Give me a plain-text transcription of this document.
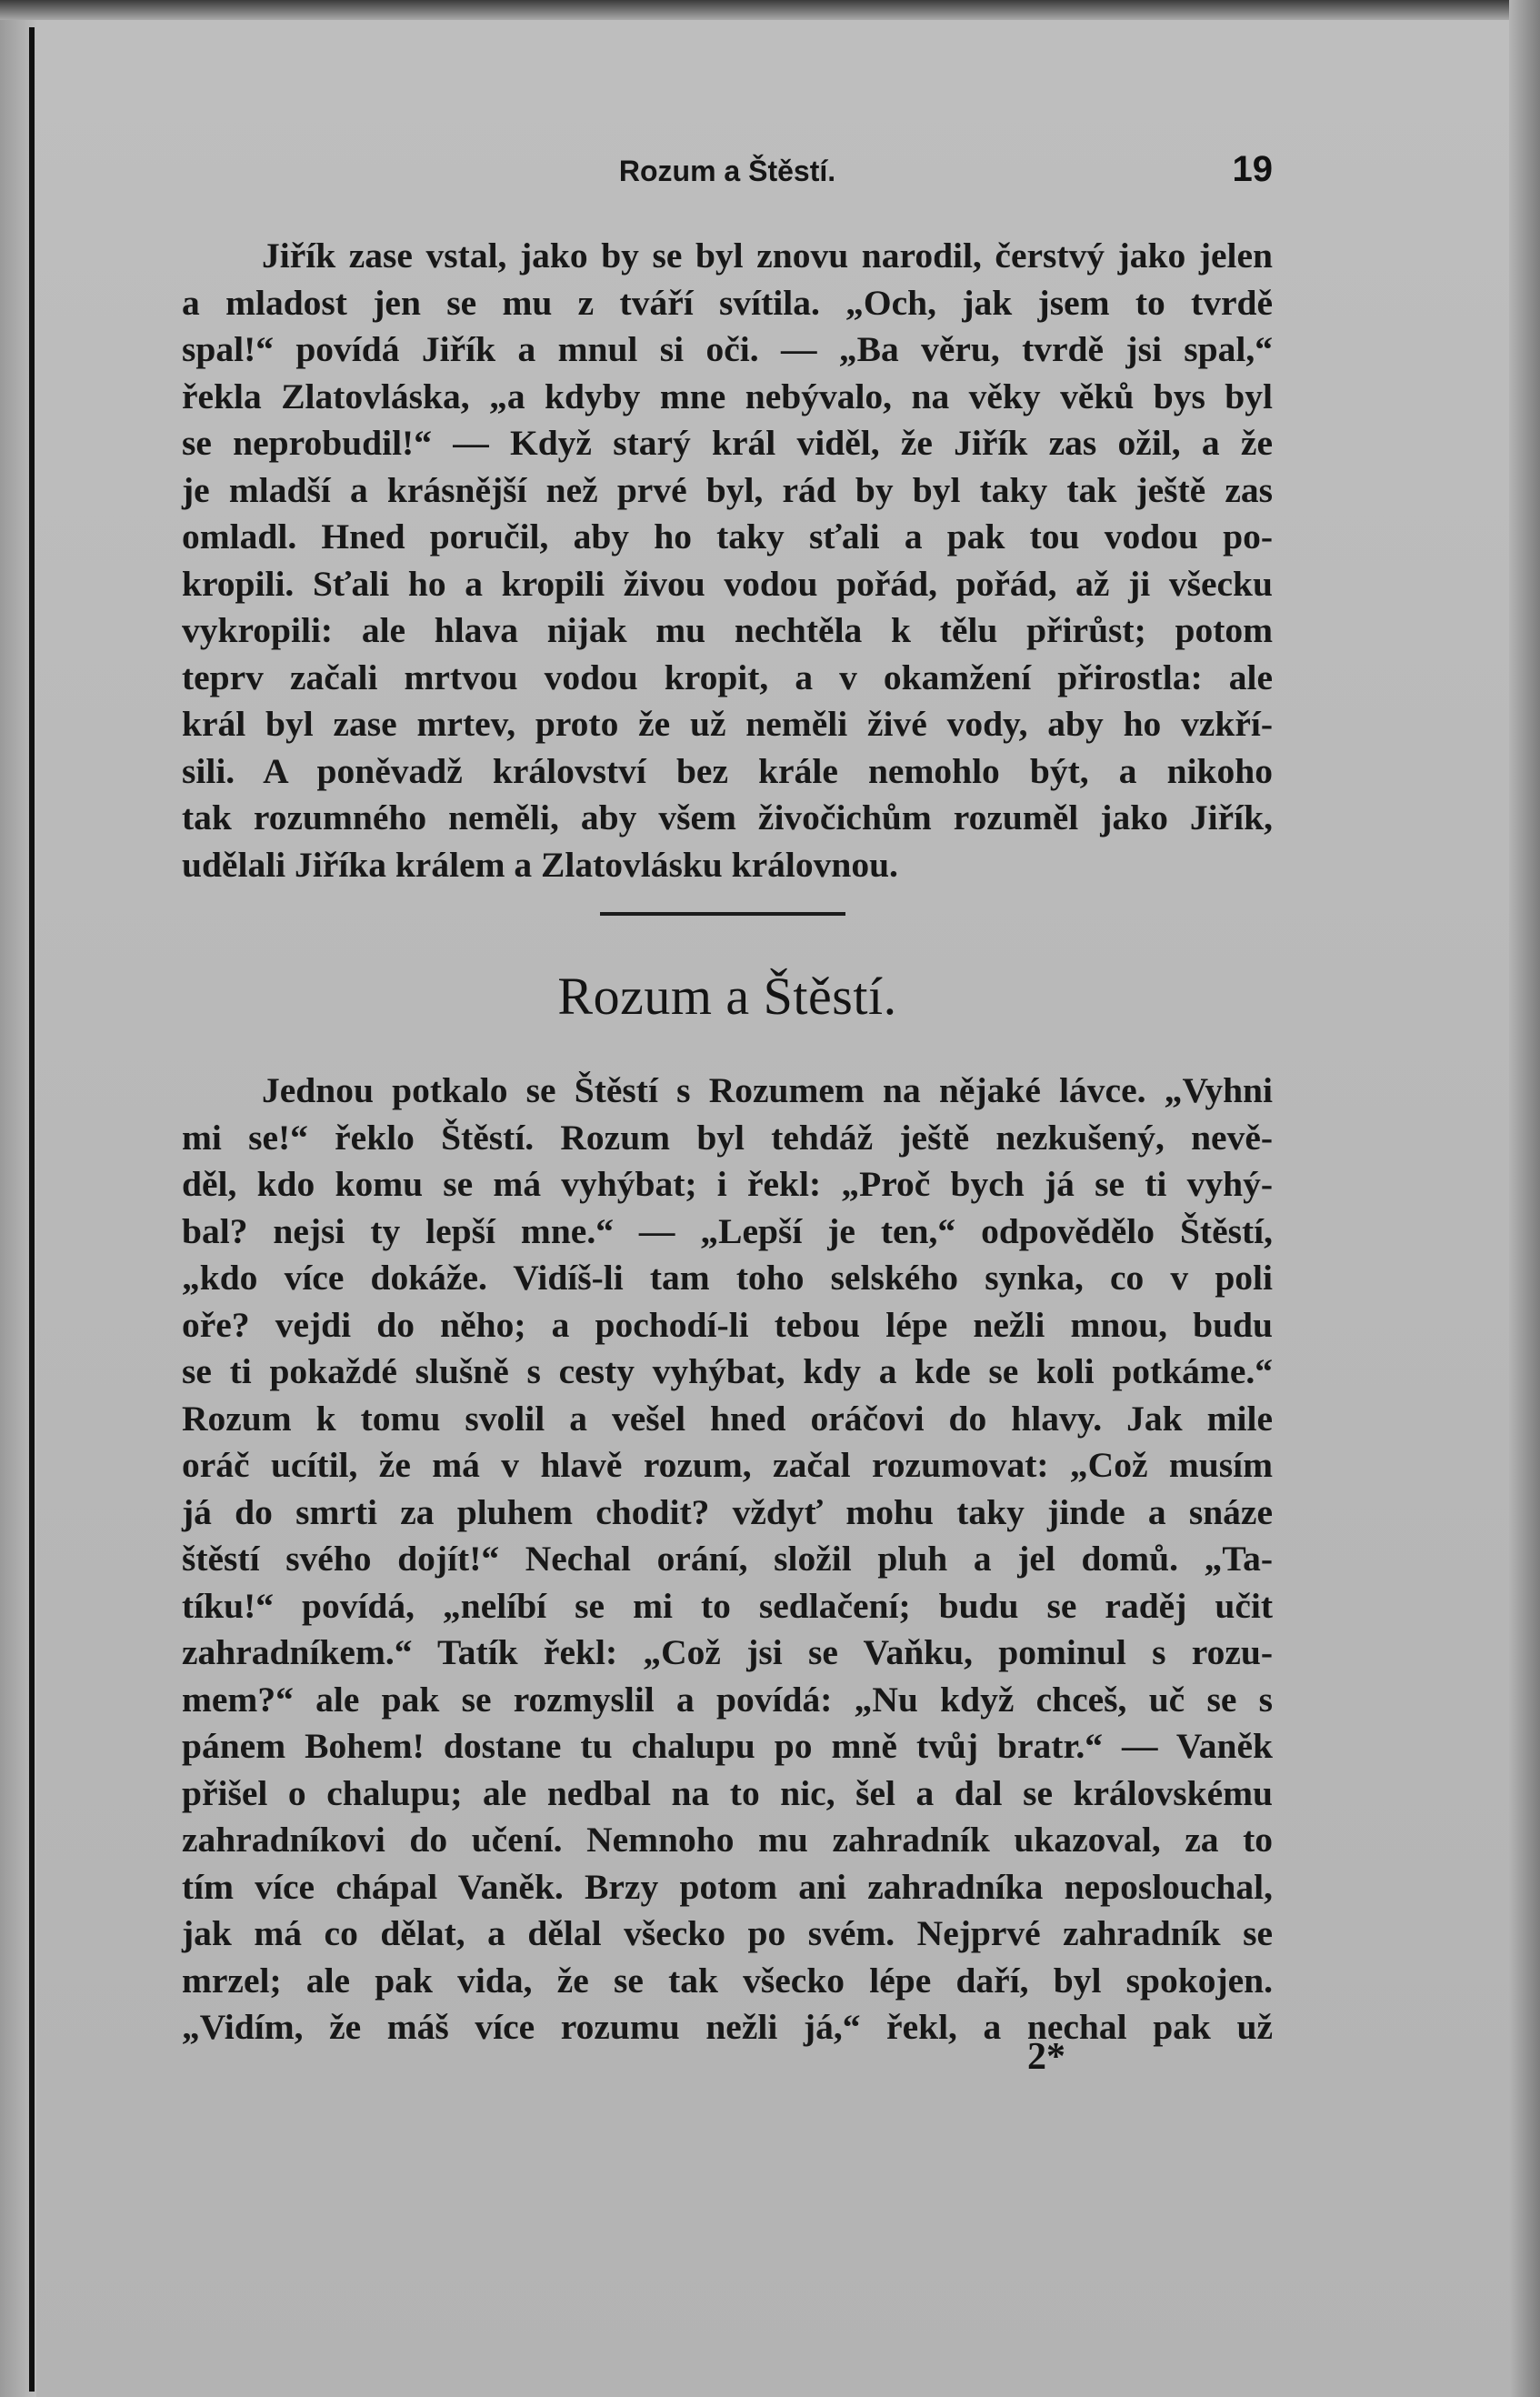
Rozum a Štěstí.	19
Jiřík zase vstal, jako by se byl znovu narodil, čerstvý jako jelen
a mladost jen se mu z tváří svítila. „Och, jak jsem to tvrdě
spal!“ povídá Jiřík a mnul si oči. — „Ba věru, tvrdě jsi spal,“
řekla Zlatovláska, „a kdyby mne nebývalo, na věky věků bys byl
se neprobudil!“ — Když starý král viděl, že Jiřík zas ožil, a že
je mladší a krásnější než prvé byl, rád by byl taky tak ještě zas
omladl. Hned poručil, aby ho taky sťali a pak tou vodou po-
kropili. Sťali ho a kropili živou vodou pořád, pořád, až ji všecku
vykropili: ale hlava nijak mu nechtěla k tělu přirůst; potom
teprv začali mrtvou vodou kropit, a v okamžení přirostla: ale
král byl zase mrtev, proto že už neměli živé vody, aby ho vzkří-
sili. A poněvadž království bez krále nemohlo být, a nikoho
tak rozumného neměli, aby všem živočichům rozuměl jako Jiřík,
udělali Jiříka králem a Zlatovlásku královnou.
Rozum a Štěstí.
Jednou potkalo se Štěstí s Rozumem na nějaké lávce. „Vyhni
mi se!“ řeklo Štěstí. Rozum byl tehdáž ještě nezkušený, nevě-
děl, kdo komu se má vyhýbat; i řekl: „Proč bych já se ti vyhý-
bal? nejsi ty lepší mne.“ — „Lepší je ten,“ odpovědělo Štěstí,
„kdo více dokáže. Vidíš-li tam toho selského synka, co v poli
oře? vejdi do něho; a pochodí-li tebou lépe nežli mnou, budu
se ti pokaždé slušně s cesty vyhýbat, kdy a kde se koli potkáme.“
Rozum k tomu svolil a vešel hned oráčovi do hlavy. Jak mile
oráč ucítil, že má v hlavě rozum, začal rozumovat: „Což musím
já do smrti za pluhem chodit? vždyť mohu taky jinde a snáze
štěstí svého dojít!“ Nechal orání, složil pluh a jel domů. „Ta-
tíku!“ povídá, „nelíbí se mi to sedlačení; budu se raděj učit
zahradníkem.“ Tatík řekl: „Což jsi se Vaňku, pominul s rozu-
mem?“ ale pak se rozmyslil a povídá: „Nu když chceš, uč se s
pánem Bohem! dostane tu chalupu po mně tvůj bratr.“ — Vaněk
přišel o chalupu; ale nedbal na to nic, šel a dal se královskému
zahradníkovi do učení. Nemnoho mu zahradník ukazoval, za to
tím více chápal Vaněk. Brzy potom ani zahradníka neposlouchal,
jak má co dělat, a dělal všecko po svém. Nejprvé zahradník se
mrzel; ale pak vida, že se tak všecko lépe daří, byl spokojen.
„Vidím, že máš více rozumu nežli já,“ řekl, a nechal pak už
2*
